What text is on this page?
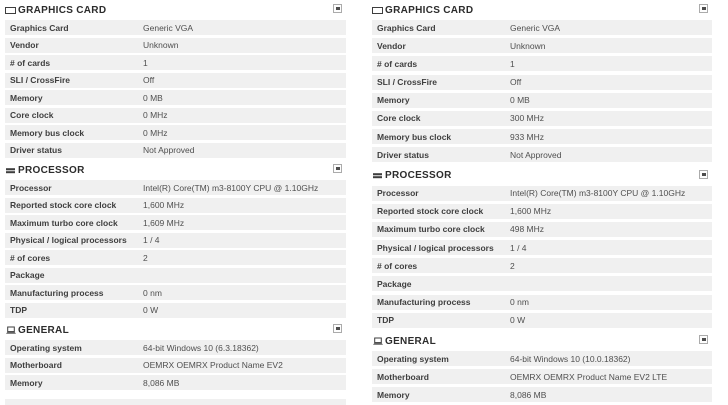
GRAPHICS CARD
Graphics Card	Generic VGA
Vendor	Unknown
# of cards	1
SLI / CrossFire	Off
Memory	0 MB
Core clock	0 MHz
Memory bus clock	0 MHz
Driver status	Not Approved
PROCESSOR
Processor	Intel(R) Core(TM) m3-8100Y CPU @ 1.10GHz
Reported stock core clock	1,600 MHz
Maximum turbo core clock	1,609 MHz
Physical / logical processors	1 / 4
# of cores	2
Package
Manufacturing process	0 nm
TDP	0 W
GENERAL
Operating system	64-bit Windows 10 (6.3.18362)
Motherboard	OEMRX OEMRX Product Name EV2
Memory	8,086 MB
GRAPHICS CARD
Graphics Card	Generic VGA
Vendor	Unknown
# of cards	1
SLI / CrossFire	Off
Memory	0 MB
Core clock	300 MHz
Memory bus clock	933 MHz
Driver status	Not Approved
PROCESSOR
Processor	Intel(R) Core(TM) m3-8100Y CPU @ 1.10GHz
Reported stock core clock	1,600 MHz
Maximum turbo core clock	498 MHz
Physical / logical processors	1 / 4
# of cores	2
Package
Manufacturing process	0 nm
TDP	0 W
GENERAL
Operating system	64-bit Windows 10 (10.0.18362)
Motherboard	OEMRX OEMRX Product Name EV2 LTE
Memory	8,086 MB
